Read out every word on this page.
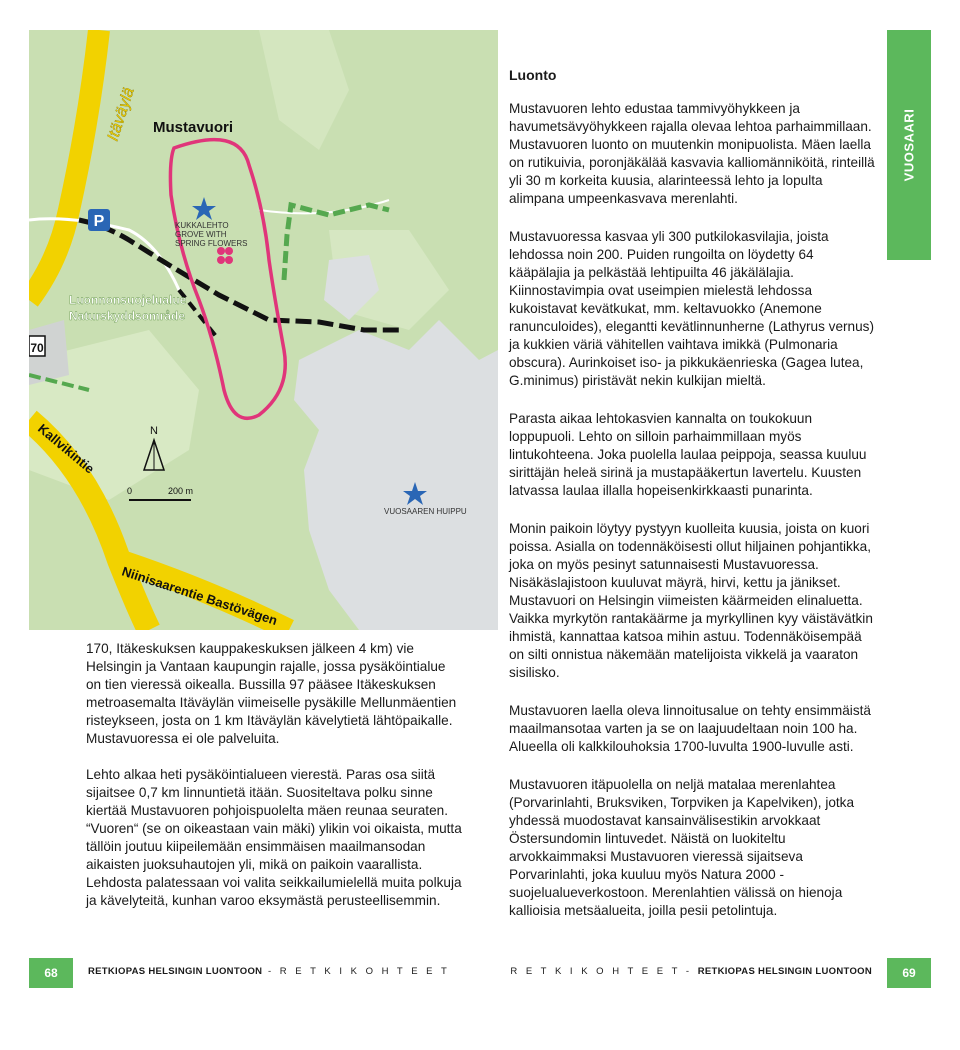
VUOSAARI
P
70
Mustavuori
Itäväylä
Kallvikintie
Niinisaarentie Bastövägen
KUKKALEHTO
GROVE WITH
SPRING FLOWERS
Luonnonsuojelualue
Naturskyddsområde
N
0	200 m
VUOSAAREN HUIPPU

170, Itäkeskuksen kauppakeskuksen jälkeen 4 km) vie Helsingin ja Vantaan kaupungin rajalle, jossa pysäköintialue on tien vieressä oikealla. Bussilla 97 pääsee Itäkeskuksen metroasemalta Itäväylän viimeiselle pysäkille Mellunmäentien risteykseen, josta on 1 km Itäväylän kävelytietä lähtöpaikalle. Mustavuoressa ei ole palveluita.

Lehto alkaa heti pysäköintialueen vierestä. Paras osa siitä sijaitsee 0,7 km linnuntietä itään. Suositeltava polku sinne kiertää Mustavuoren pohjoispuolelta mäen reunaa seuraten. “Vuoren“ (se on oikeastaan vain mäki) ylikin voi oikaista, mutta tällöin joutuu kiipeilemään ensimmäisen maailmansodan aikaisten juoksuhautojen yli, mikä on paikoin vaarallista. Lehdosta palatessaan voi valita seikkailumielellä muita polkuja ja kävelyteitä, kunhan varoo eksymästä perusteellisemmin.

Luonto

Mustavuoren lehto edustaa tammivyöhykkeen ja havumetsävyöhykkeen rajalla olevaa lehtoa parhaimmillaan. Mustavuoren luonto on muutenkin monipuolista. Mäen laella on rutikuivia, poronjäkälää kasvavia kalliomänniköitä, rinteillä yli 30 m korkeita kuusia, alarinteessä lehto ja lopulta alimpana umpeenkasvava merenlahti.

Mustavuoressa kasvaa yli 300 putkilokasvilajia, joista lehdossa noin 200. Puiden rungoilta on löydetty 64 kääpälajia ja pelkästää lehtipuilta 46 jäkälälajia. Kiinnostavimpia ovat useimpien mielestä lehdossa kukoistavat kevätkukat, mm. keltavuokko (Anemone ranunculoides), elegantti kevätlinnunherne (Lathyrus vernus) ja kukkien väriä vähitellen vaihtava imikkä (Pulmonaria obscura). Aurinkoiset iso- ja pikkukäenrieska (Gagea lutea, G.minimus) piristävät nekin kulkijan mieltä.

Parasta aikaa lehtokasvien kannalta on toukokuun loppupuoli. Lehto on silloin parhaimmillaan myös lintukohteena. Joka puolella laulaa peippoja, seassa kuuluu sirittäjän heleä sirinä ja mustapääkertun lavertelu. Kuusten latvassa laulaa illalla hopeisenkirkkaasti punarinta.

Monin paikoin löytyy pystyyn kuolleita kuusia, joista on kuori poissa. Asialla on todennäköisesti ollut hiljainen pohjantikka, joka on myös pesinyt satunnaisesti Mustavuoressa. Nisäkäslajistoon kuuluvat mäyrä, hirvi, kettu ja jänikset. Mustavuori on Helsingin viimeisten käärmeiden elinaluetta. Vaikka myrkytön rantakäärme ja myrkyllinen kyy väistävätkin ihmistä, kannattaa katsoa mihin astuu. Todennäköisempää on silti onnistua näkemään matelijoista vikkelä ja vaaraton sisilisko.

Mustavuoren laella oleva linnoitusalue on tehty ensimmäistä maailmansotaa varten ja se on laajuudeltaan noin 100 ha. Alueella oli kalkkilouhoksia 1700-luvulta 1900-luvulle asti.

Mustavuoren itäpuolella on neljä matalaa merenlahtea (Porvarinlahti, Bruksviken, Torpviken ja Kapelviken), jotka yhdessä muodostavat kansainvälisestikin arvokkaat Östersundomin lintuvedet. Näistä on luokiteltu arvokkaimmaksi Mustavuoren vieressä sijaitseva Porvarinlahti, joka kuuluu myös Natura 2000 -suojelualueverkostoon. Merenlahtien välissä on hienoja kallioisia metsäalueita, joilla pesii petolintuja.

68	RETKIOPAS HELSINGIN LUONTOON - R E T K I K O H T E E T	R E T K I K O H T E E T - RETKIOPAS HELSINGIN LUONTOON	69
